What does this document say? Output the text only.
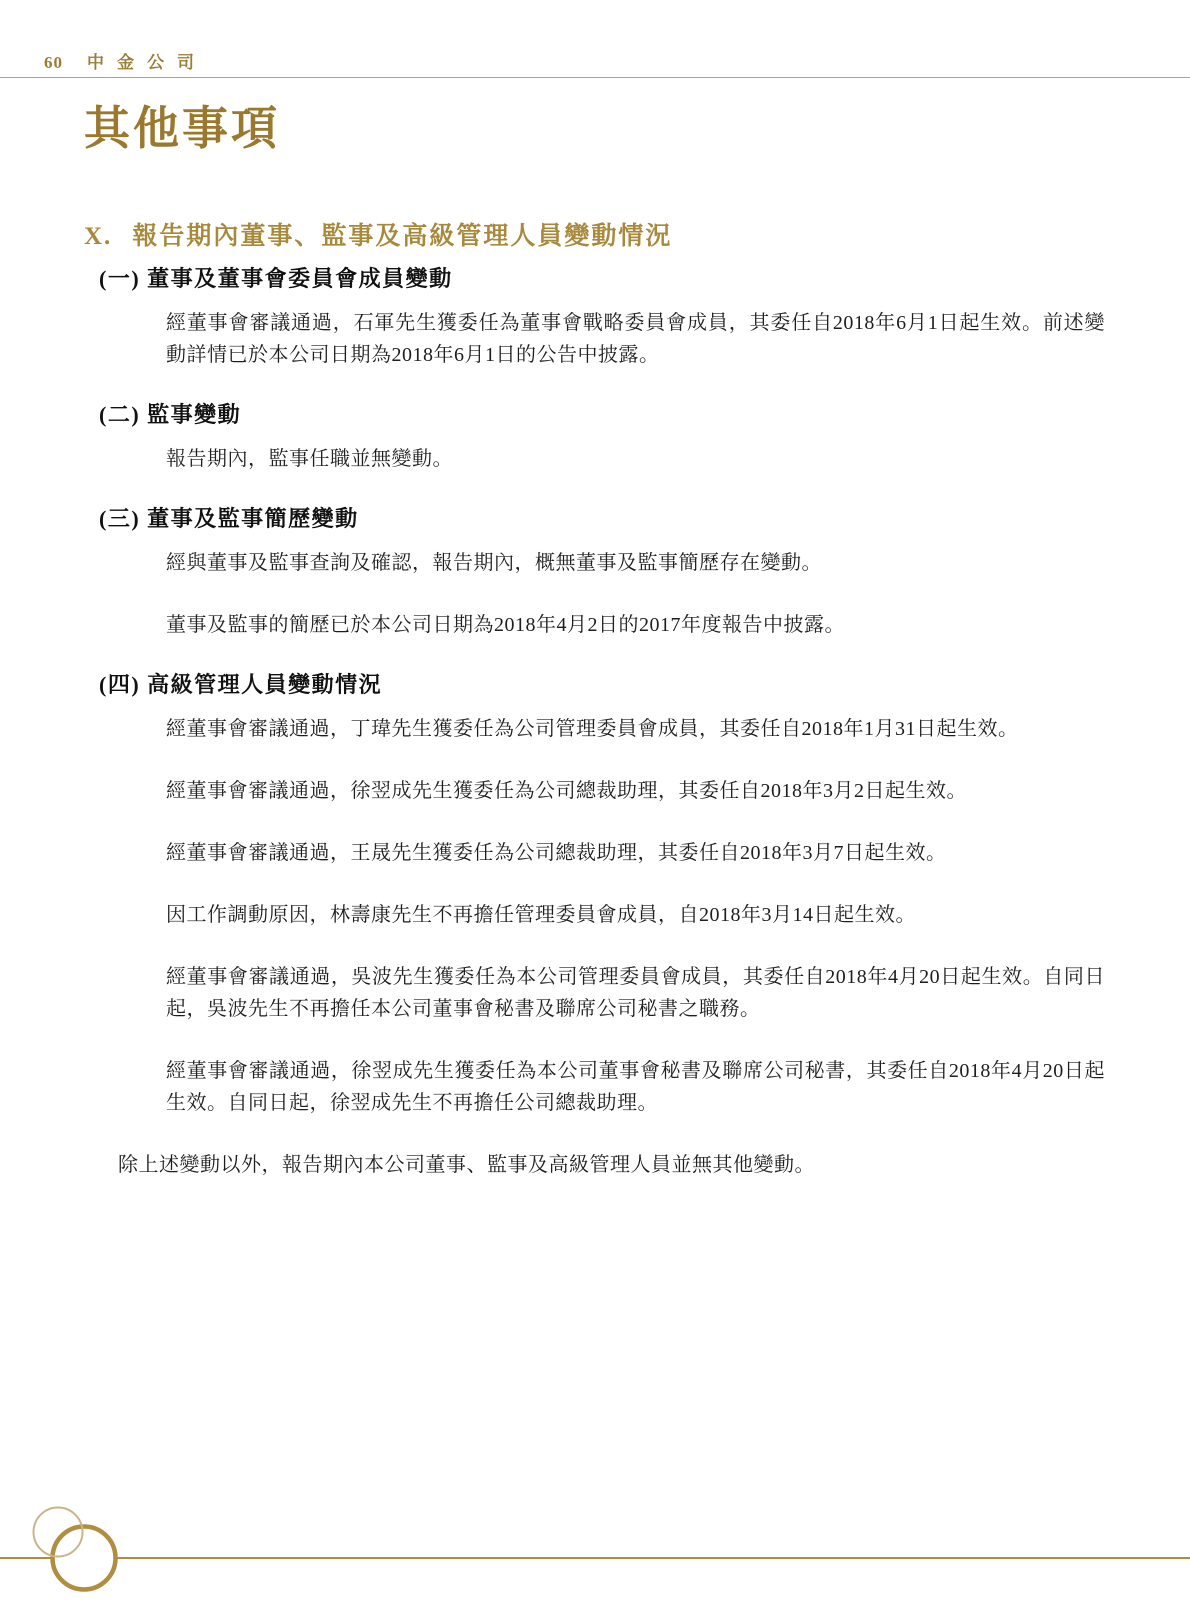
60 中金公司
其他事項
X. 報告期內董事、監事及高級管理人員變動情況
(一) 董事及董事會委員會成員變動

經董事會審議通過，石軍先生獲委任為董事會戰略委員會成員，其委任自2018年6月1日起生效。前述變動詳情已於本公司日期為2018年6月1日的公告中披露。

(二) 監事變動

報告期內，監事任職並無變動。

(三) 董事及監事簡歷變動

經與董事及監事查詢及確認，報告期內，概無董事及監事簡歷存在變動。

董事及監事的簡歷已於本公司日期為2018年4月2日的2017年度報告中披露。

(四) 高級管理人員變動情況

經董事會審議通過，丁瑋先生獲委任為公司管理委員會成員，其委任自2018年1月31日起生效。

經董事會審議通過，徐翌成先生獲委任為公司總裁助理，其委任自2018年3月2日起生效。

經董事會審議通過，王晟先生獲委任為公司總裁助理，其委任自2018年3月7日起生效。

因工作調動原因，林壽康先生不再擔任管理委員會成員，自2018年3月14日起生效。

經董事會審議通過，吳波先生獲委任為本公司管理委員會成員，其委任自2018年4月20日起生效。自同日起，吳波先生不再擔任本公司董事會秘書及聯席公司秘書之職務。

經董事會審議通過，徐翌成先生獲委任為本公司董事會秘書及聯席公司秘書，其委任自2018年4月20日起生效。自同日起，徐翌成先生不再擔任公司總裁助理。

除上述變動以外，報告期內本公司董事、監事及高級管理人員並無其他變動。
